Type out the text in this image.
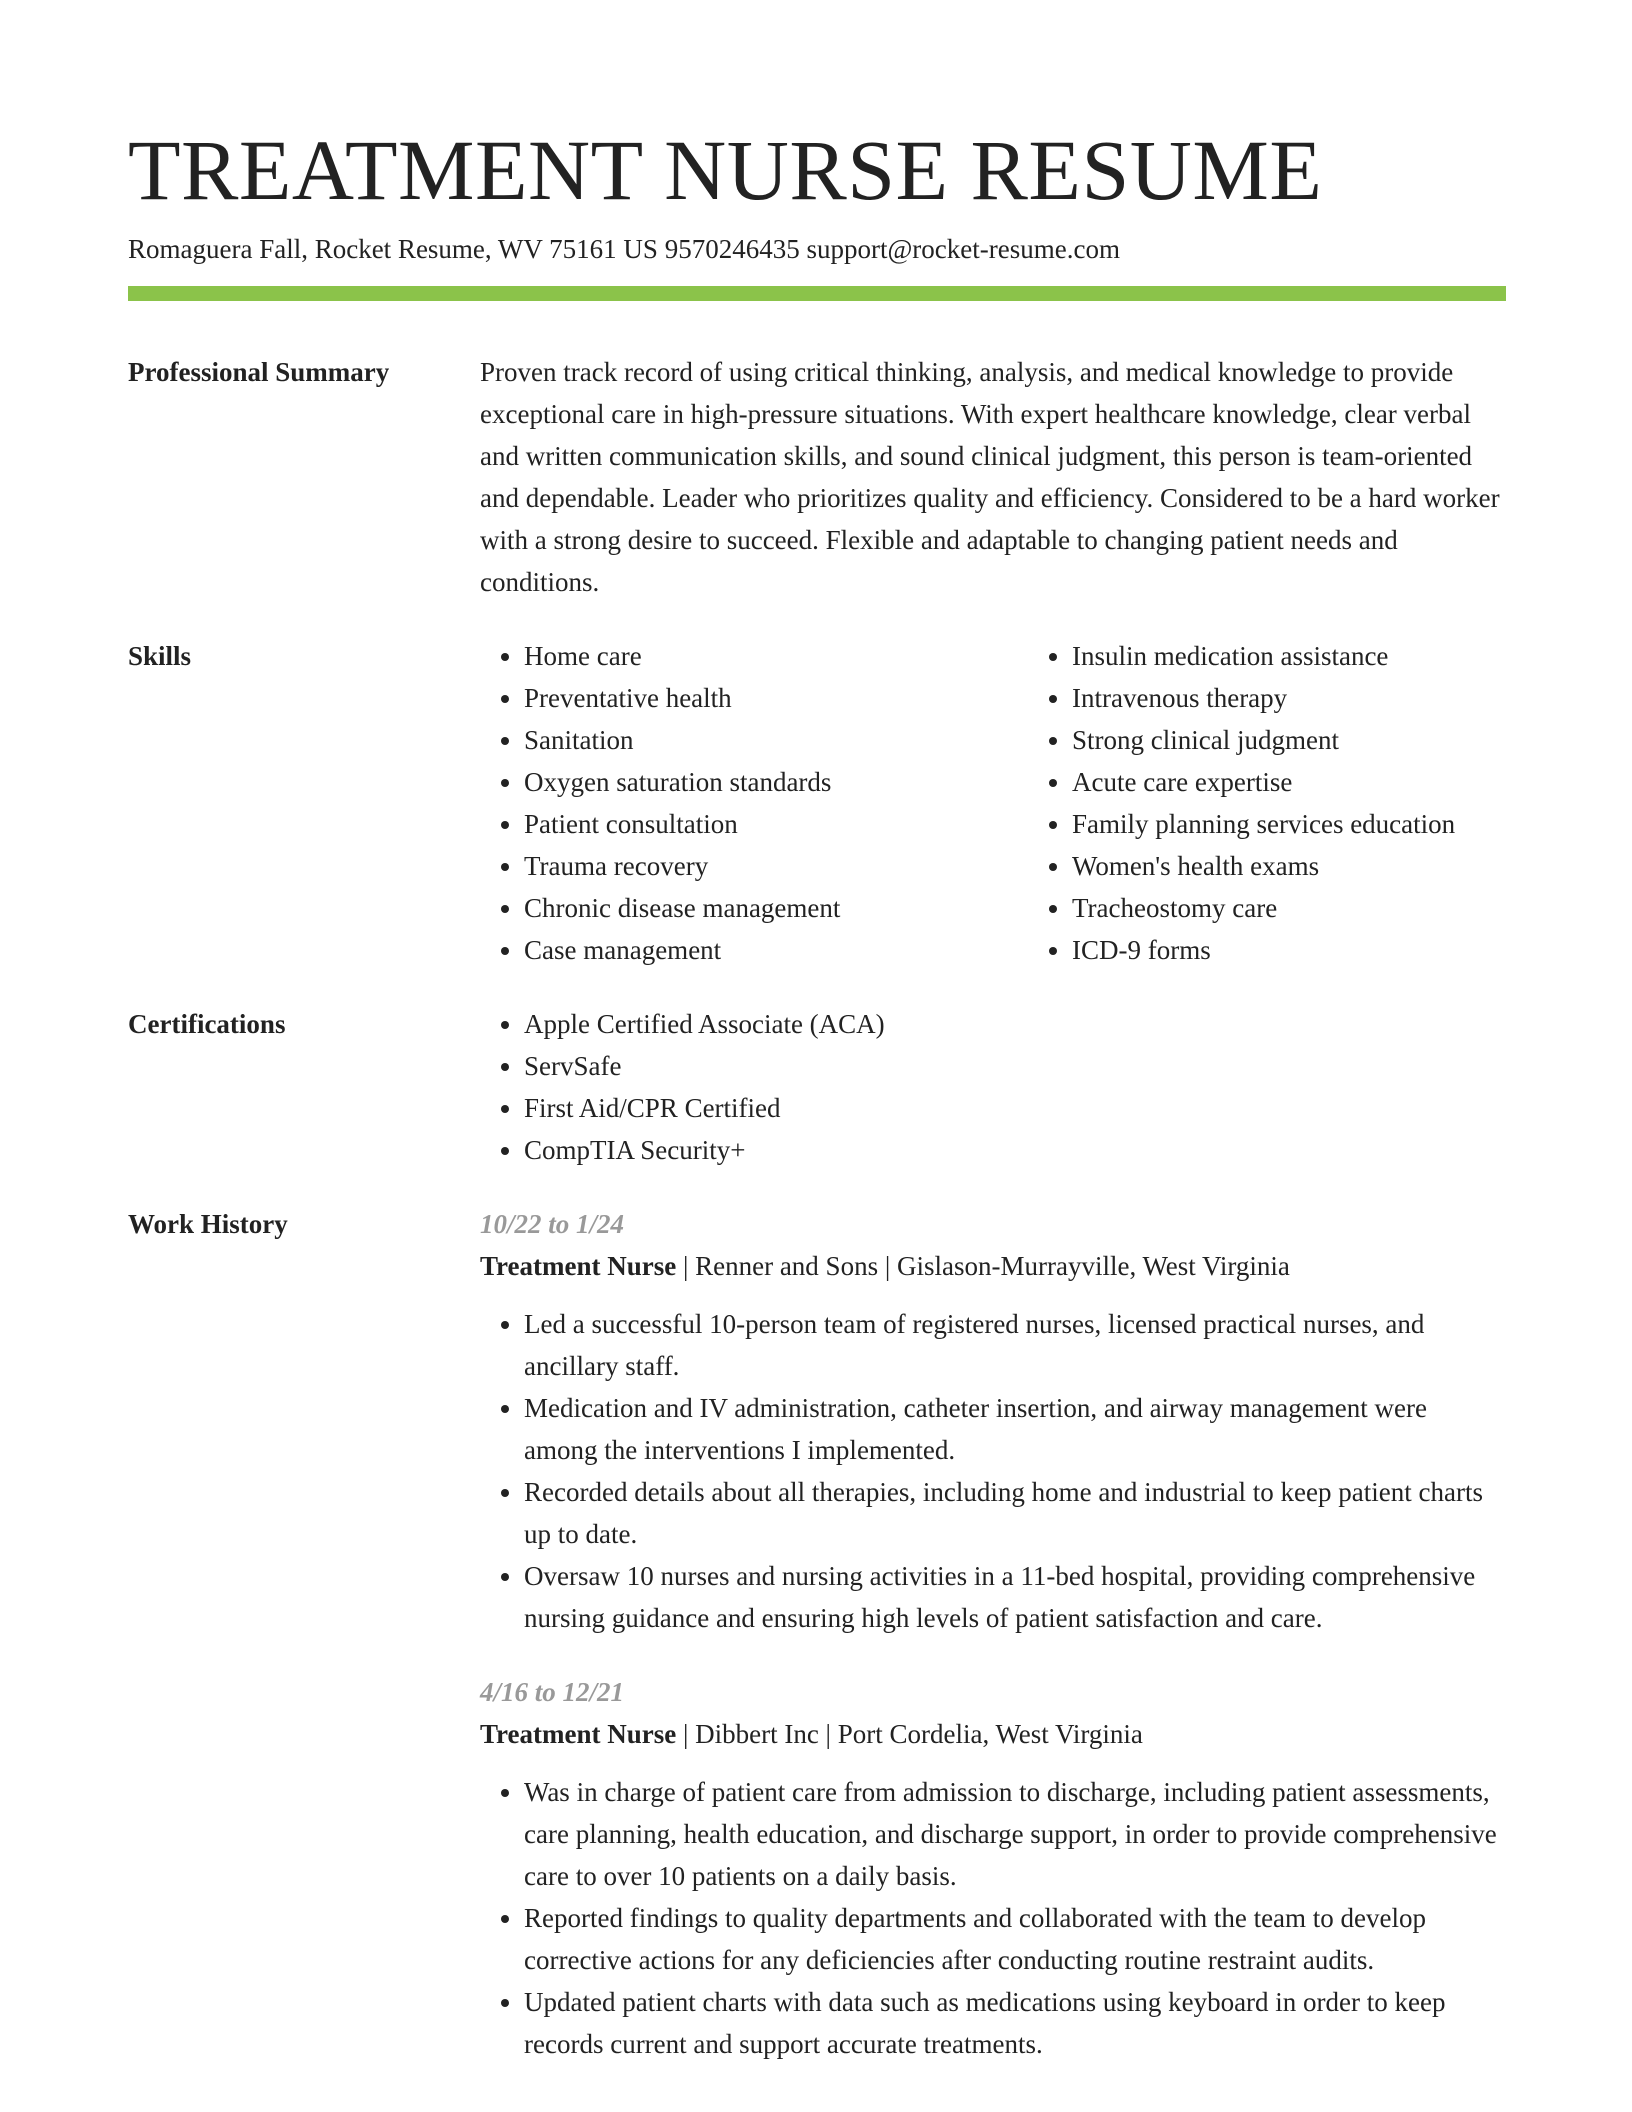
TREATMENT NURSE RESUME
Romaguera Fall, Rocket Resume, WV 75161 US 9570246435 support@rocket-resume.com
Professional Summary	Proven track record of using critical thinking, analysis, and medical knowledge to provide exceptional care in high-pressure situations. With expert healthcare knowledge, clear verbal and written communication skills, and sound clinical judgment, this person is team-oriented and dependable. Leader who prioritizes quality and efficiency. Considered to be a hard worker with a strong desire to succeed. Flexible and adaptable to changing patient needs and conditions.

Skills	• Home care
• Preventative health
• Sanitation
• Oxygen saturation standards
• Patient consultation
• Trauma recovery
• Chronic disease management
• Case management
• Insulin medication assistance
• Intravenous therapy
• Strong clinical judgment
• Acute care expertise
• Family planning services education
• Women's health exams
• Tracheostomy care
• ICD-9 forms
Certifications	• Apple Certified Associate (ACA)
• ServSafe
• First Aid/CPR Certified
• CompTIA Security+
Work History	10/22 to 1/24
Treatment Nurse | Renner and Sons | Gislason-Murrayville, West Virginia
• Led a successful 10-person team of registered nurses, licensed practical nurses, and ancillary staff.
• Medication and IV administration, catheter insertion, and airway management were among the interventions I implemented.
• Recorded details about all therapies, including home and industrial to keep patient charts up to date.
• Oversaw 10 nurses and nursing activities in a 11-bed hospital, providing comprehensive nursing guidance and ensuring high levels of patient satisfaction and care.
4/16 to 12/21
Treatment Nurse | Dibbert Inc | Port Cordelia, West Virginia
• Was in charge of patient care from admission to discharge, including patient assessments, care planning, health education, and discharge support, in order to provide comprehensive care to over 10 patients on a daily basis.
• Reported findings to quality departments and collaborated with the team to develop corrective actions for any deficiencies after conducting routine restraint audits.
• Updated patient charts with data such as medications using keyboard in order to keep records current and support accurate treatments.
